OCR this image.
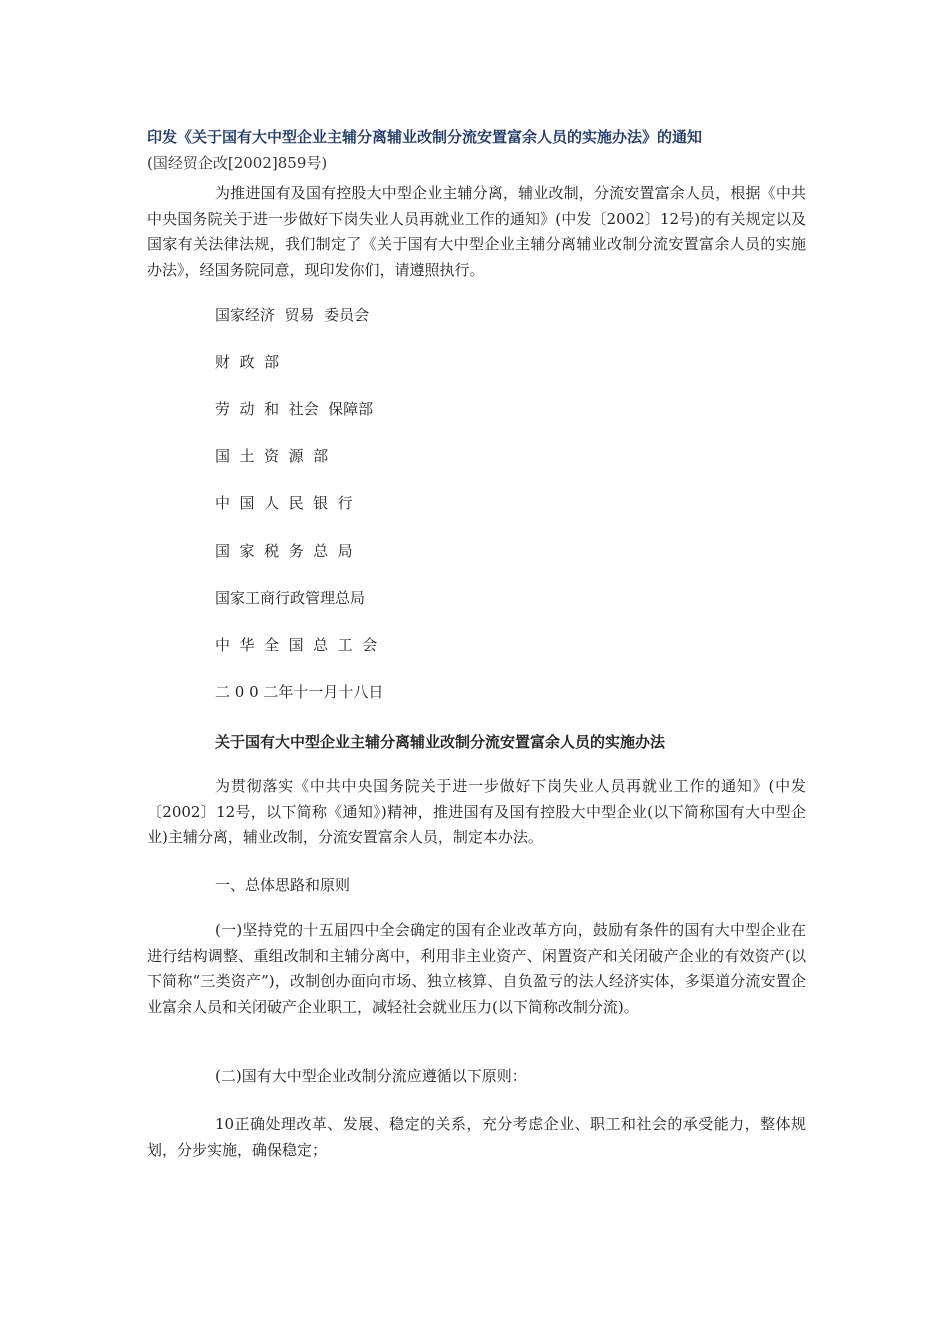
印发《关于国有大中型企业主辅分离辅业改制分流安置富余人员的实施办法》的通知
(国经贸企改[2002]859号)

为推进国有及国有控股大中型企业主辅分离，辅业改制，分流安置富余人员，根据《中共中央国务院关于进一步做好下岗失业人员再就业工作的通知》(中发〔2002〕12号)的有关规定以及国家有关法律法规，我们制定了《关于国有大中型企业主辅分离辅业改制分流安置富余人员的实施办法》，经国务院同意，现印发你们，请遵照执行。

国家经济  贸易  委员会
财  政  部
劳  动  和  社会  保障部
国  土  资  源  部
中  国  人  民  银  行
国  家  税  务  总  局
国家工商行政管理总局
中  华  全  国  总  工  会
二 0 0 二年十一月十八日
关于国有大中型企业主辅分离辅业改制分流安置富余人员的实施办法

为贯彻落实《中共中央国务院关于进一步做好下岗失业人员再就业工作的通知》(中发〔2002〕12号，以下简称《通知》)精神，推进国有及国有控股大中型企业(以下简称国有大中型企业)主辅分离，辅业改制，分流安置富余人员，制定本办法。

一、总体思路和原则

(一)坚持党的十五届四中全会确定的国有企业改革方向，鼓励有条件的国有大中型企业在进行结构调整、重组改制和主辅分离中，利用非主业资产、闲置资产和关闭破产企业的有效资产(以下简称“三类资产”)，改制创办面向市场、独立核算、自负盈亏的法人经济实体，多渠道分流安置企业富余人员和关闭破产企业职工，减轻社会就业压力(以下简称改制分流)。

(二)国有大中型企业改制分流应遵循以下原则：

10正确处理改革、发展、稳定的关系，充分考虑企业、职工和社会的承受能力，整体规划，分步实施，确保稳定；
